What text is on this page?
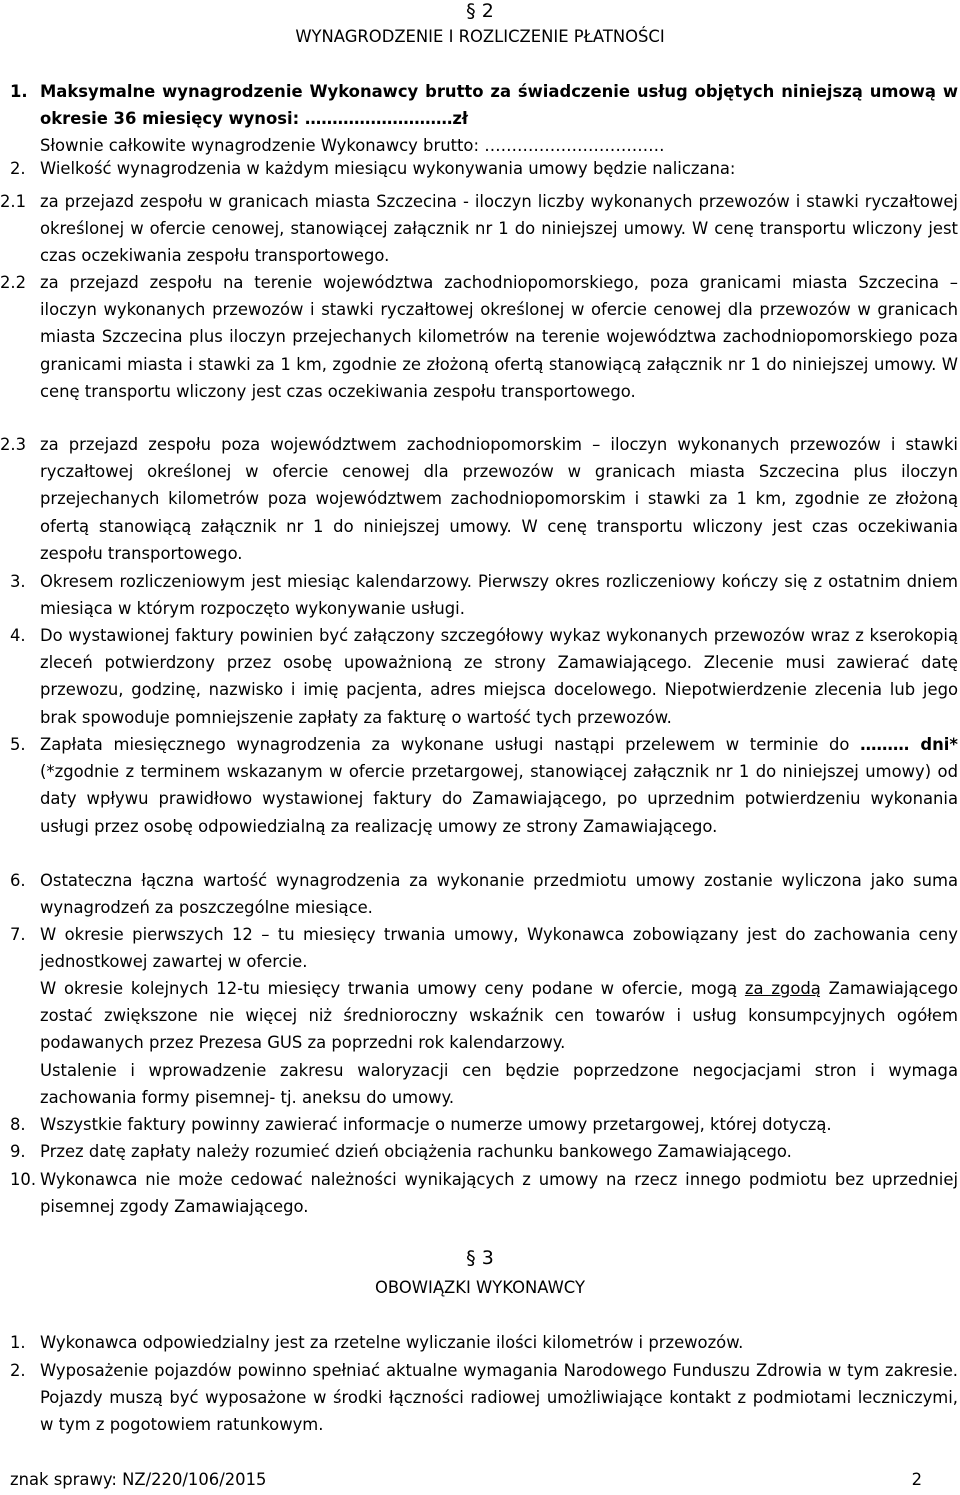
§ 2
WYNAGRODZENIE I ROZLICZENIE PŁATNOŚCI
1. Maksymalne wynagrodzenie Wykonawcy brutto za świadczenie usług objętych niniejszą umową w okresie 36 miesięcy wynosi: ………………………zł
Słownie całkowite wynagrodzenie Wykonawcy brutto: ……………………………
2. Wielkość wynagrodzenia w każdym miesiącu wykonywania umowy będzie naliczana:
2.1 za przejazd zespołu w granicach miasta Szczecina - iloczyn liczby wykonanych przewozów i stawki ryczałtowej określonej w ofercie cenowej, stanowiącej załącznik nr 1 do niniejszej umowy. W cenę transportu wliczony jest czas oczekiwania zespołu transportowego.
2.2 za przejazd zespołu na terenie województwa zachodniopomorskiego, poza granicami miasta Szczecina – iloczyn wykonanych przewozów i stawki ryczałtowej określonej w ofercie cenowej dla przewozów w granicach miasta Szczecina plus iloczyn przejechanych kilometrów na terenie województwa zachodniopomorskiego poza granicami miasta i stawki za 1 km, zgodnie ze złożoną ofertą stanowiącą załącznik nr 1 do niniejszej umowy. W cenę transportu wliczony jest czas oczekiwania zespołu transportowego.
2.3 za przejazd zespołu poza województwem zachodniopomorskim – iloczyn wykonanych przewozów i stawki ryczałtowej określonej w ofercie cenowej dla przewozów w granicach miasta Szczecina plus iloczyn przejechanych kilometrów poza województwem zachodniopomorskim i stawki za 1 km, zgodnie ze złożoną ofertą stanowiącą załącznik nr 1 do niniejszej umowy. W cenę transportu wliczony jest czas oczekiwania zespołu transportowego.
3. Okresem rozliczeniowym jest miesiąc kalendarzowy. Pierwszy okres rozliczeniowy kończy się z ostatnim dniem miesiąca w którym rozpoczęto wykonywanie usługi.
4. Do wystawionej faktury powinien być załączony szczegółowy wykaz wykonanych przewozów wraz z kserokopią zleceń potwierdzony przez osobę upoważnioną ze strony Zamawiającego. Zlecenie musi zawierać datę przewozu, godzinę, nazwisko i imię pacjenta, adres miejsca docelowego. Niepotwierdzenie zlecenia lub jego brak spowoduje pomniejszenie zapłaty za fakturę o wartość tych przewozów.
5. Zapłata miesięcznego wynagrodzenia za wykonane usługi nastąpi przelewem w terminie do ……… dni* (*zgodnie z terminem wskazanym w ofercie przetargowej, stanowiącej załącznik nr 1 do niniejszej umowy) od daty wpływu prawidłowo wystawionej faktury do Zamawiającego, po uprzednim potwierdzeniu wykonania usługi przez osobę odpowiedzialną za realizację umowy ze strony Zamawiającego.
6. Ostateczna łączna wartość wynagrodzenia za wykonanie przedmiotu umowy zostanie wyliczona jako suma wynagrodzeń za poszczególne miesiące.
7. W okresie pierwszych 12 – tu miesięcy trwania umowy, Wykonawca zobowiązany jest do zachowania ceny jednostkowej zawartej w ofercie.
W okresie kolejnych 12-tu miesięcy trwania umowy ceny podane w ofercie, mogą za zgodą Zamawiającego zostać zwiększone nie więcej niż średnioroczny wskaźnik cen towarów i usług konsumpcyjnych ogółem podawanych przez Prezesa GUS za poprzedni rok kalendarzowy.
Ustalenie i wprowadzenie zakresu waloryzacji cen będzie poprzedzone negocjacjami stron i wymaga zachowania formy pisemnej- tj. aneksu do umowy.
8. Wszystkie faktury powinny zawierać informacje o numerze umowy przetargowej, której dotyczą.
9. Przez datę zapłaty należy rozumieć dzień obciążenia rachunku bankowego Zamawiającego.
10. Wykonawca nie może cedować należności wynikających z umowy na rzecz innego podmiotu bez uprzedniej pisemnej zgody Zamawiającego.
§ 3
OBOWIĄZKI WYKONAWCY
1. Wykonawca odpowiedzialny jest za rzetelne wyliczanie ilości kilometrów i przewozów.
2. Wyposażenie pojazdów powinno spełniać aktualne wymagania Narodowego Funduszu Zdrowia w tym zakresie. Pojazdy muszą być wyposażone w środki łączności radiowej umożliwiające kontakt z podmiotami leczniczymi, w tym z pogotowiem ratunkowym.
znak sprawy: NZ/220/106/2015	2
